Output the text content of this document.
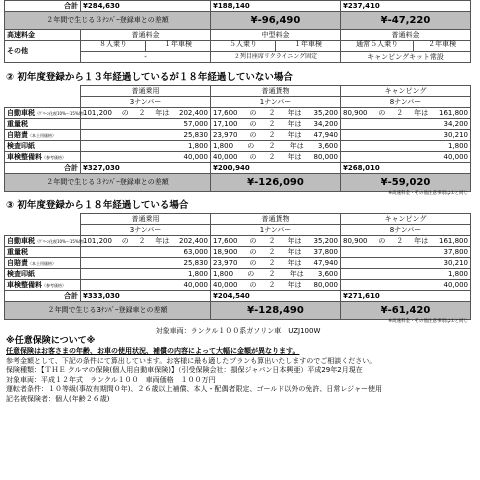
合計	¥284,630	¥188,140	¥237,410
２年間で生じる３ﾅﾝﾊﾞｰ登録車との差額		¥-96,490	¥-47,220
高速料金	普通料金	中型料金	普通料金
その他	８人乗り １年車検	５人乗り １年車検	通常５人乗り ２年車検

	-	２列目座席リクライニング固定	キャンピングキット常設
② 初年度登録から１３年経過しているが１８年経過していない場合
	普通乗用	普通貨物	キャンピング
	3ナンバー	1ナンバー	8ナンバー
自動車税（ｸﾞﾘｰﾝ化税10%～15%増）	101,200 の ２ 年は 202,400	17,600 の ２ 年は 35,200	80,900 の ２ 年は 161,800

重量税	57,000	17,100 の ２ 年は 34,200	34,200
自賠責（本土用価格）	25,830	23,970 の ２ 年は 47,940	30,210
検査印紙	1,800	1,800 の ２ 年は 3,600	1,800
車検整備料（参考価格）	40,000	40,000 の ２ 年は 80,000	40,000
合計	¥327,030	¥200,940	¥268,010
２年間で生じる３ﾅﾝﾊﾞｰ登録車との差額		¥-126,090	¥-59,020
※高速料金・その他注意事項は①と同じ
③ 初年度登録から１８年経過している場合
	普通乗用	普通貨物	キャンピング
	3ナンバー	1ナンバー	8ナンバー
自動車税（ｸﾞﾘｰﾝ化税10%～15%増）	101,200 の ２ 年は 202,400	17,600 の ２ 年は 35,200	80,900 の ２ 年は 161,800

重量税	63,000	18,900 の ２ 年は 37,800	37,800
自賠責（本土用価格）	25,830	23,970 の ２ 年は 47,940	30,210
検査印紙	1,800	1,800 の ２ 年は 3,600	1,800
車検整備料（参考価格）	40,000	40,000 の ２ 年は 80,000	40,000
合計	¥333,030	¥204,540	¥271,610
２年間で生じる3ﾅﾝﾊﾞｰ登録車との差額		¥-128,490	¥-61,420
※高速料金・その他注意事項は①と同じ
対象車両：ランクル１００系ガソリン車　UZJ100W
※任意保険について※
任意保険はお客さまの年齢、お車の使用状況、補償の内容によって大幅に金額が異なります。
参考金額として、下記の条件にて算出しています。お客様に最も適したプランも算出いたしますのでご相談ください。
保険種類：【ＴＨＥ クルマの保険(個人用自動車保険)】（引受保険会社：損保ジャパン日本興亜）平成29年2月現在
対象車両：平成１２年式　ランクル１００　車両価格　１００万円
運転者条件：１０等級(事故有期間０年)、２６歳以上補償、本人・配偶者限定、ゴールド以外の免許、日常レジャー使用
記名被保険者：個人(年齢２６歳)
